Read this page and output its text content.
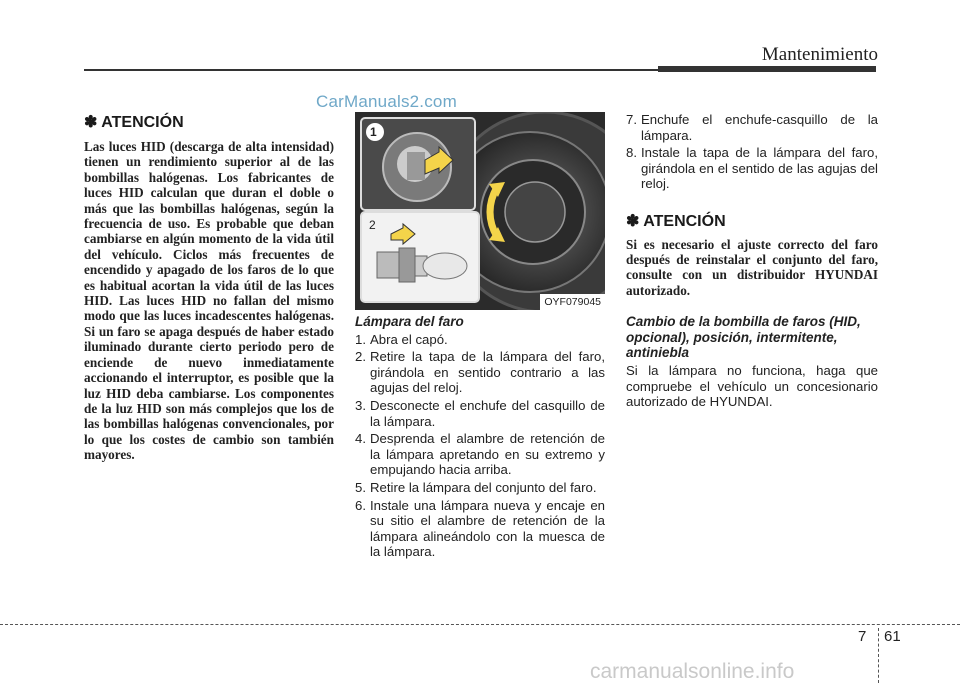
Mantenimiento
CarManuals2.com
✽ ATENCIÓN

Las luces HID (descarga de alta intensidad) tienen un rendimiento superior al de las bombillas halógenas. Los fabricantes de luces HID calculan que duran el doble o más que las bombillas halógenas, según la frecuencia de uso. Es probable que deban cambiarse en algún momento de la vida útil del vehículo. Ciclos más frecuentes de encendido y apagado de los faros de lo que es habitual acortan la vida útil de las luces HID. Las luces HID no fallan del mismo modo que las luces incadescentes halógenas. Si un faro se apaga después de haber estado iluminado durante cierto periodo pero de enciende de nuevo inmediatamente accionando el interruptor, es posible que la luz HID deba cambiarse. Los componentes de la luz HID son más complejos que los de las bombillas halógenas convencionales, por lo que los costes de cambio son también mayores.

1
2
OYF079045

Lámpara del faro

1. Abra el capó.
2. Retire la tapa de la lámpara del faro, girándola en sentido contrario a las agujas del reloj.
3. Desconecte el enchufe del casquillo de la lámpara.
4. Desprenda el alambre de retención de la lámpara apretando en su extremo y empujando hacia arriba.
5. Retire la lámpara del conjunto del faro.
6. Instale una lámpara nueva y encaje en su sitio el alambre de retención de la lámpara alineándolo con la muesca de la lámpara.
7. Enchufe el enchufe-casquillo de la lámpara.
8. Instale la tapa de la lámpara del faro, girándola en el sentido de las agujas del reloj.
✽ ATENCIÓN

Si es necesario el ajuste correcto del faro después de reinstalar el conjunto del faro, consulte con un distribuidor HYUNDAI autorizado.

Cambio de la bombilla de faros (HID, opcional), posición, intermitente, antiniebla

Si la lámpara no funciona, haga que compruebe el vehículo un concesionario autorizado de HYUNDAI.

7 61
carmanualsonline.info
